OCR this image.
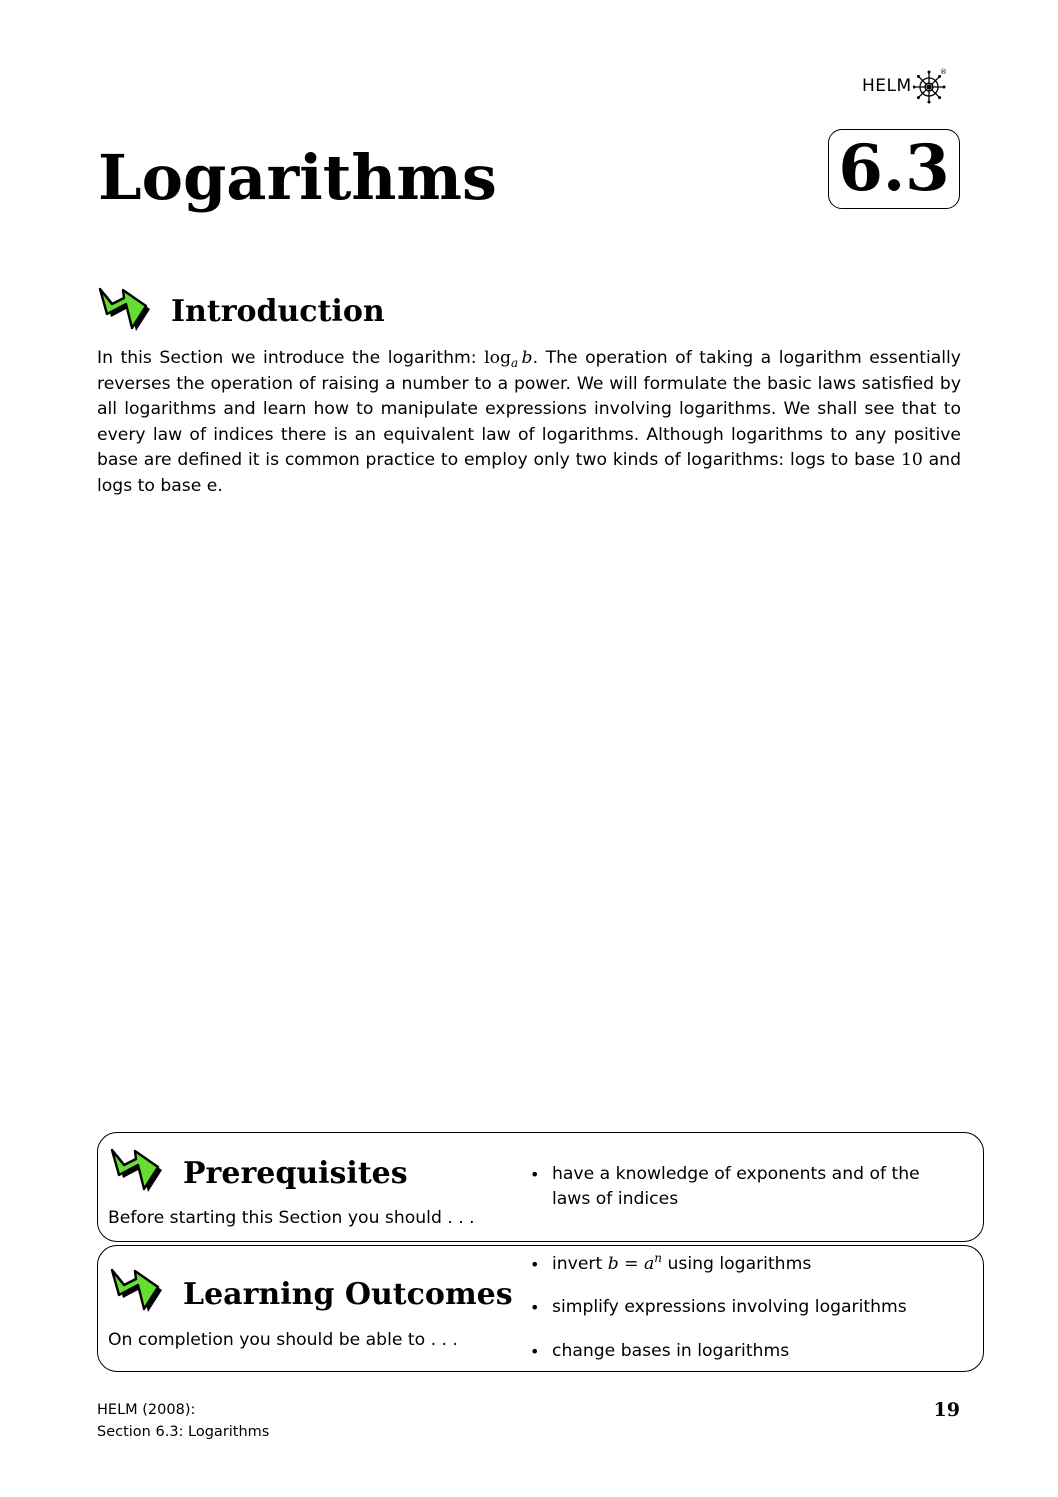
HELM
®
Logarithms	6.3
Introduction

In this Section we introduce the logarithm: $\log_a b$. The operation of taking a logarithm essentially reverses the operation of raising a number to a power. We will formulate the basic laws satisfied by all logarithms and learn how to manipulate expressions involving logarithms. We shall see that to every law of indices there is an equivalent law of logarithms. Although logarithms to any positive base are defined it is common practice to employ only two kinds of logarithms: logs to base 10 and logs to base e.

Prerequisites
Before starting this Section you should . . .
• have a knowledge of exponents and of the laws of indices
Learning Outcomes
On completion you should be able to . . .
• invert $b = a^n$ using logarithms
• simplify expressions involving logarithms
• change bases in logarithms
HELM (2008):
Section 6.3: Logarithms
19
